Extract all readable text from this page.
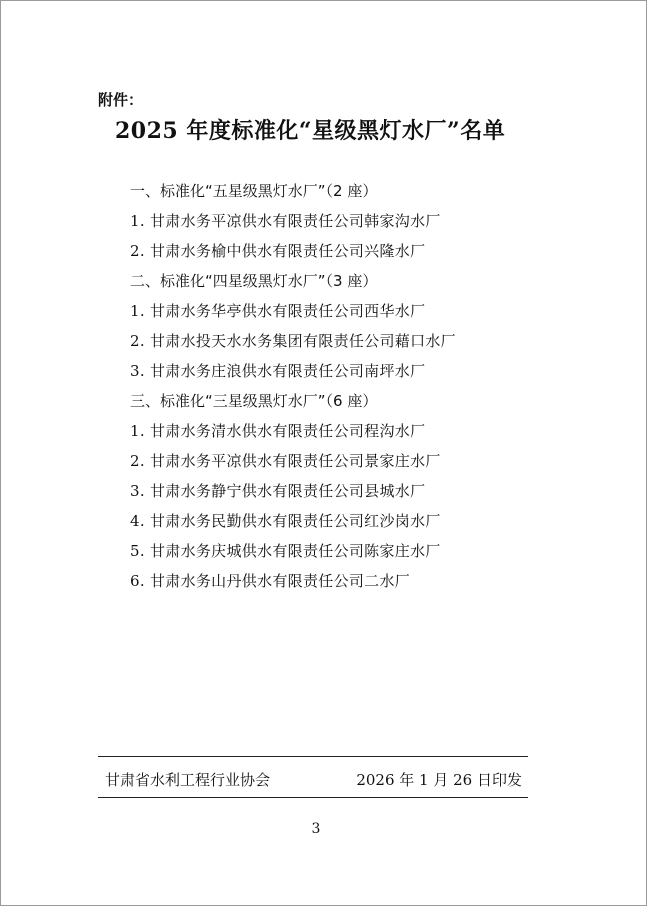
附件：
2025 年度标准化“星级黑灯水厂”名单
一、标准化“五星级黑灯水厂”（2 座）
1. 甘肃水务平凉供水有限责任公司韩家沟水厂
2. 甘肃水务榆中供水有限责任公司兴隆水厂
二、标准化“四星级黑灯水厂”（3 座）
1. 甘肃水务华亭供水有限责任公司西华水厂
2. 甘肃水投天水水务集团有限责任公司藉口水厂
3. 甘肃水务庄浪供水有限责任公司南坪水厂
三、标准化“三星级黑灯水厂”（6 座）
1. 甘肃水务清水供水有限责任公司程沟水厂
2. 甘肃水务平凉供水有限责任公司景家庄水厂
3. 甘肃水务静宁供水有限责任公司县城水厂
4. 甘肃水务民勤供水有限责任公司红沙岗水厂
5. 甘肃水务庆城供水有限责任公司陈家庄水厂
6. 甘肃水务山丹供水有限责任公司二水厂
甘肃省水利工程行业协会	2026 年 1 月 26 日印发
3
